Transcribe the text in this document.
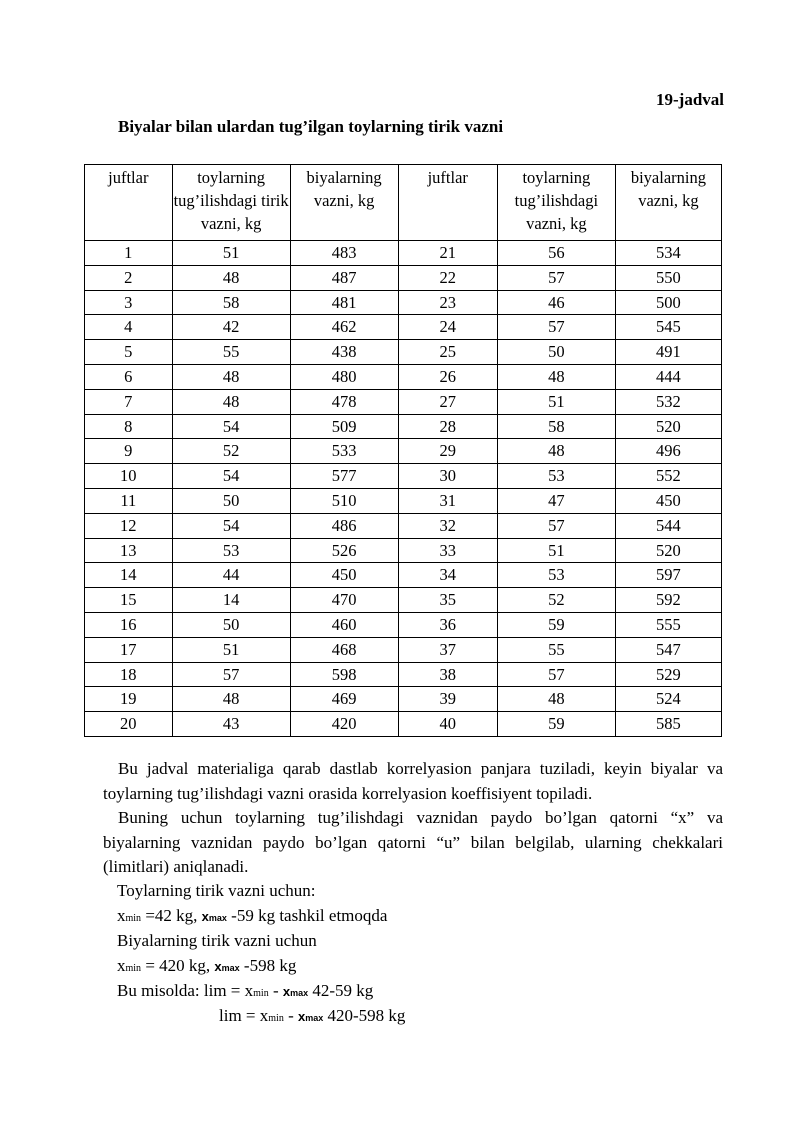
19-jadval
Biyalar bilan ulardan tug’ilgan toylarning tirik vazni
juftlar	toylarning tug’ilishdagi tirik vazni, kg	biyalarning vazni, kg	juftlar	toylarning tug’ilishdagi vazni, kg	biyalarning vazni, kg
1	51	483	21	56	534
2	48	487	22	57	550
3	58	481	23	46	500
4	42	462	24	57	545
5	55	438	25	50	491
6	48	480	26	48	444
7	48	478	27	51	532
8	54	509	28	58	520
9	52	533	29	48	496
10	54	577	30	53	552
11	50	510	31	47	450
12	54	486	32	57	544
13	53	526	33	51	520
14	44	450	34	53	597
15	14	470	35	52	592
16	50	460	36	59	555
17	51	468	37	55	547
18	57	598	38	57	529
19	48	469	39	48	524
20	43	420	40	59	585
Bu jadval materialiga qarab dastlab korrelyasion panjara tuziladi, keyin biyalar va toylarning tug’ilishdagi vazni orasida korrelyasion koeffisiyent topiladi.
Buning uchun toylarning tug’ilishdagi vaznidan paydo bo’lgan qatorni “x” va biyalarning vaznidan paydo bo’lgan qatorni “u” bilan belgilab, ularning chekkalari (limitlari) aniqlanadi.
Toylarning tirik vazni uchun:
xmin =42 kg, xmax -59 kg tashkil etmoqda
Biyalarning tirik vazni uchun
xmin = 420 kg, xmax -598 kg
Bu misolda: lim = xmin - xmax 42-59 kg
lim = xmin - xmax 420-598 kg
